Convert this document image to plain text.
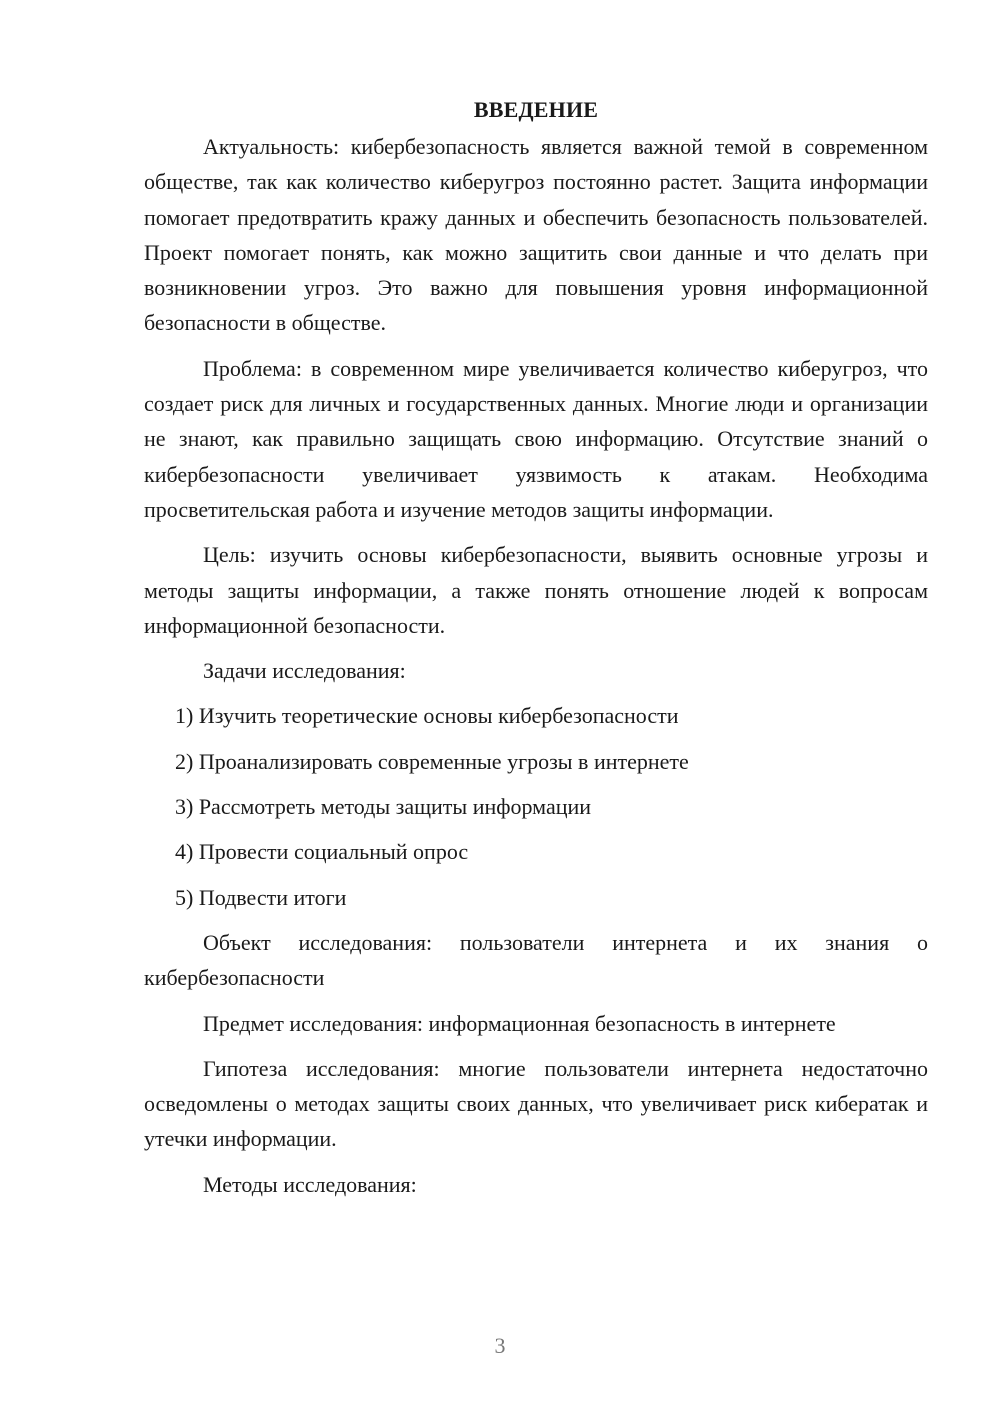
ВВЕДЕНИЕ

Актуальность: кибербезопасность является важной темой в современном обществе, так как количество киберугроз постоянно растет. Защита информации помогает предотвратить кражу данных и обеспечить безопасность пользователей. Проект помогает понять, как можно защитить свои данные и что делать при возникновении угроз. Это важно для повышения уровня информационной безопасности в обществе.

Проблема: в современном мире увеличивается количество киберугроз, что создает риск для личных и государственных данных. Многие люди и организации не знают, как правильно защищать свою информацию. Отсутствие знаний о кибербезопасности увеличивает уязвимость к атакам. Необходима просветительская работа и изучение методов защиты информации.

Цель: изучить основы кибербезопасности, выявить основные угрозы и методы защиты информации, а также понять отношение людей к вопросам информационной безопасности.

Задачи исследования:

1) Изучить теоретические основы кибербезопасности
2) Проанализировать современные угрозы в интернете
3) Рассмотреть методы защиты информации
4) Провести социальный опрос
5) Подвести итоги

Объект исследования: пользователи интернета и их знания о кибербезопасности

Предмет исследования: информационная безопасность в интернете

Гипотеза исследования: многие пользователи интернета недостаточно осведомлены о методах защиты своих данных, что увеличивает риск кибератак и утечки информации.

Методы исследования:

3
